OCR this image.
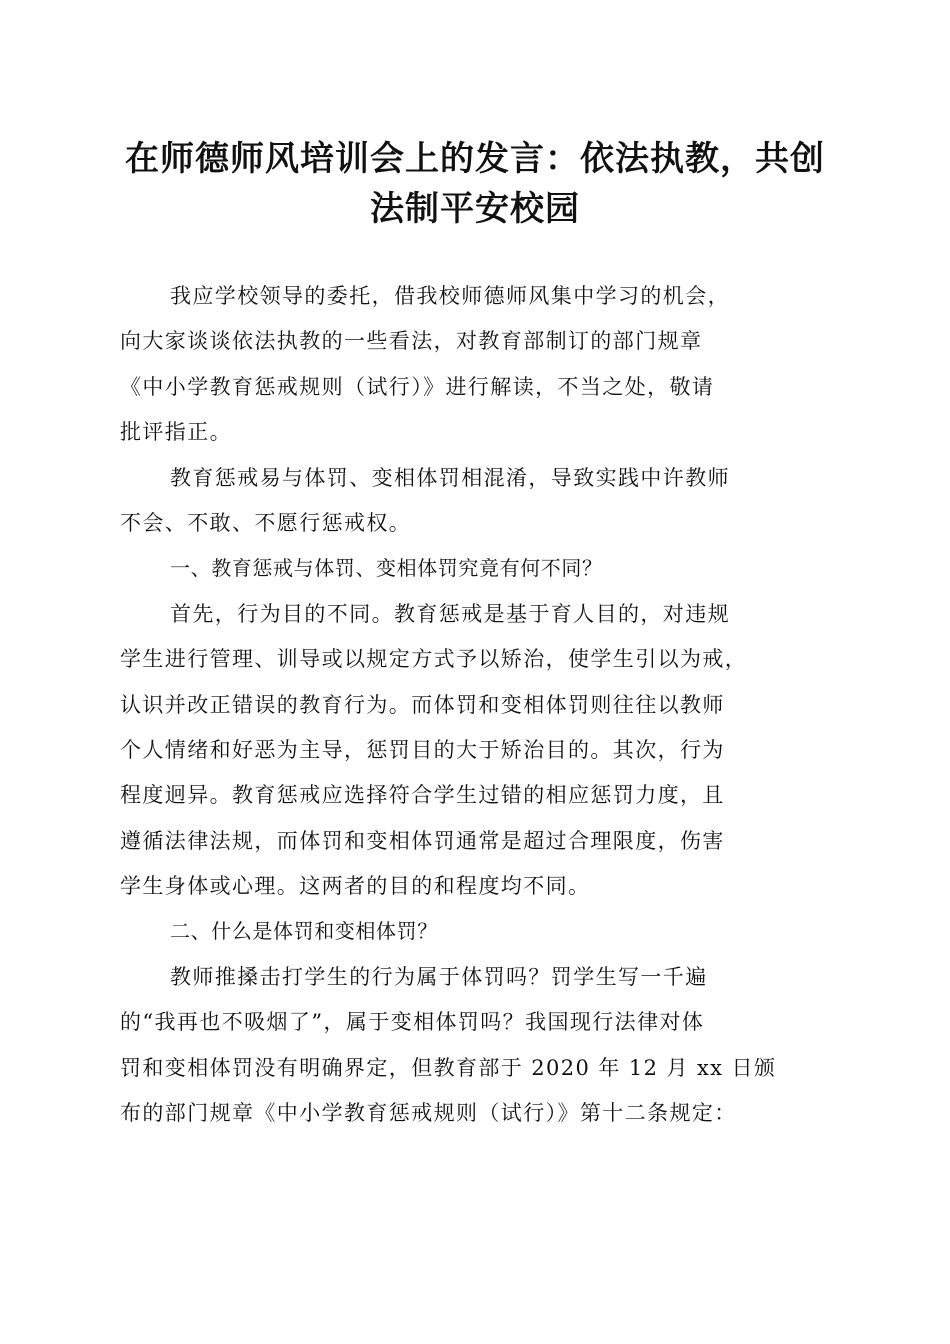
在师德师风培训会上的发言：依法执教，共创
法制平安校园
我应学校领导的委托，借我校师德师风集中学习的机会，
向大家谈谈依法执教的一些看法，对教育部制订的部门规章
《中小学教育惩戒规则（试行）》进行解读，不当之处，敬请
批评指正。
教育惩戒易与体罚、变相体罚相混淆，导致实践中许教师
不会、不敢、不愿行惩戒权。
一、教育惩戒与体罚、变相体罚究竟有何不同？
首先，行为目的不同。教育惩戒是基于育人目的，对违规
学生进行管理、训导或以规定方式予以矫治，使学生引以为戒，
认识并改正错误的教育行为。而体罚和变相体罚则往往以教师
个人情绪和好恶为主导，惩罚目的大于矫治目的。其次，行为
程度迥异。教育惩戒应选择符合学生过错的相应惩罚力度，且
遵循法律法规，而体罚和变相体罚通常是超过合理限度，伤害
学生身体或心理。这两者的目的和程度均不同。
二、什么是体罚和变相体罚？
教师推搡击打学生的行为属于体罚吗？罚学生写一千遍
的“我再也不吸烟了”，属于变相体罚吗？我国现行法律对体
罚和变相体罚没有明确界定，但教育部于 2020 年 12 月 xx 日颁
布的部门规章《中小学教育惩戒规则（试行）》第十二条规定：
